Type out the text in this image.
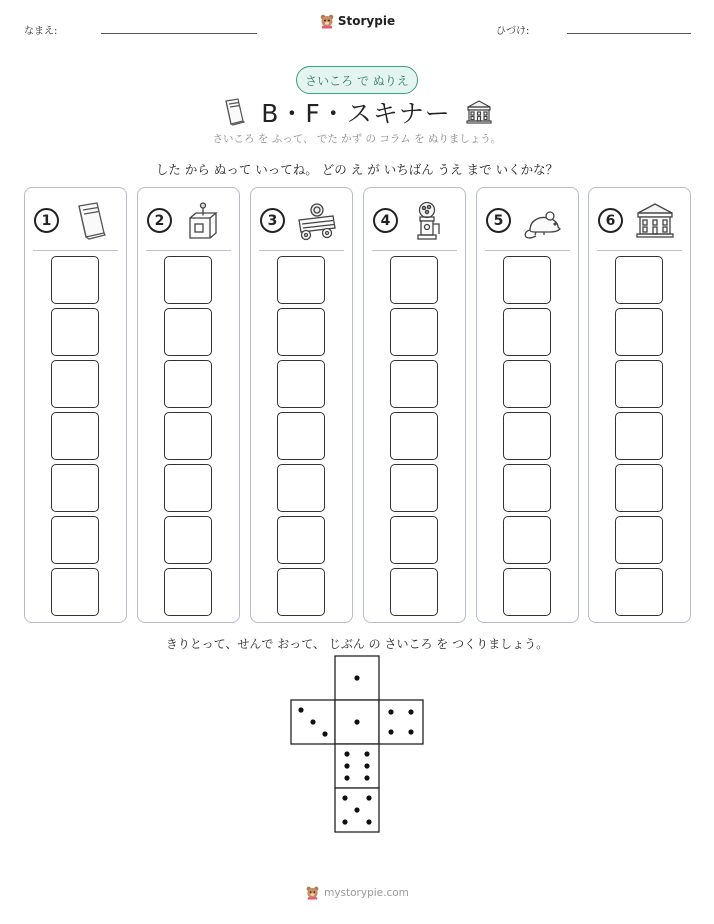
なまえ:	ひづけ:
Storypie
さいころ で ぬりえ
B・F・スキナー
さいころ を ふって、 でた かず の コラム を ぬりましょう。
した から ぬって いってね。 どの え が いちばん うえ まで いくかな？
1	2	3	4	5	6
きりとって、せんで おって、 じぶん の さいころ を つくりましょう。
mystorypie.com
